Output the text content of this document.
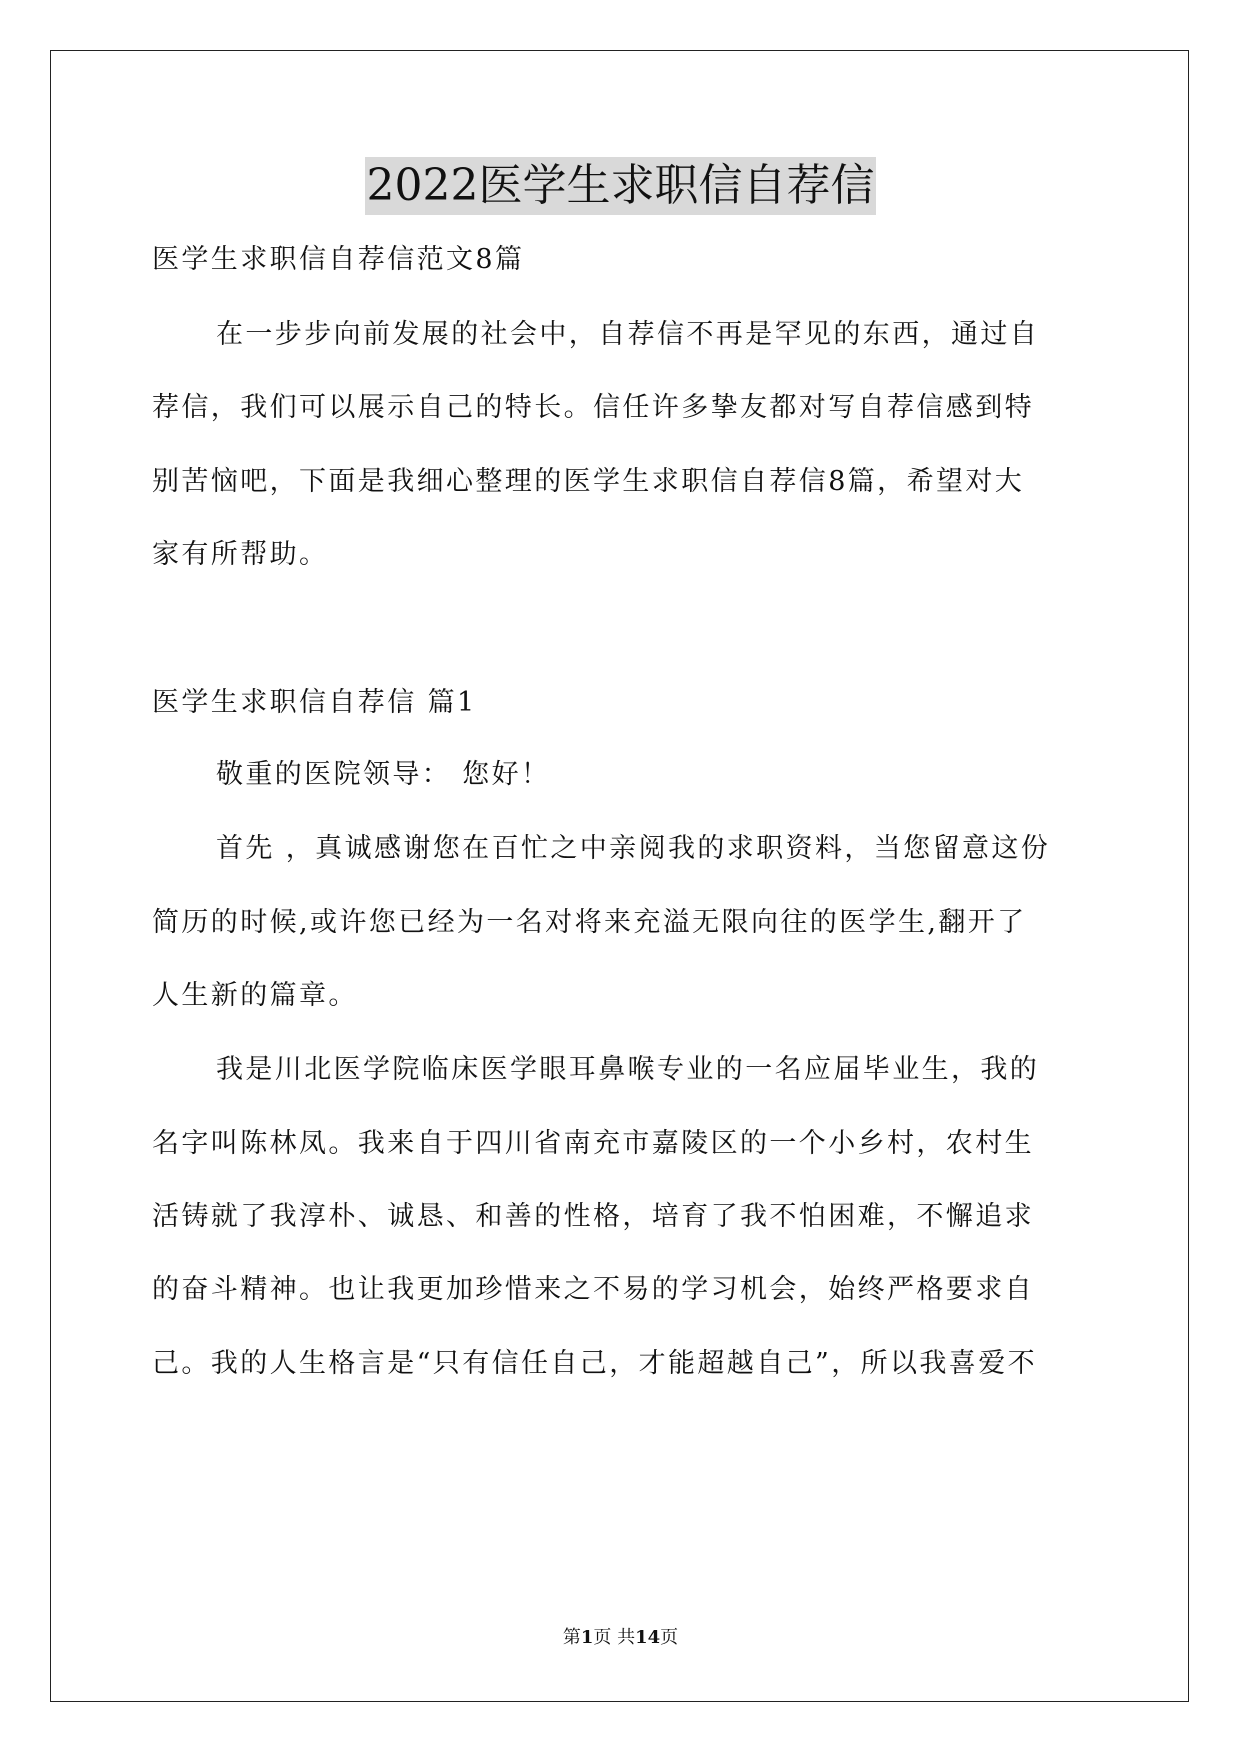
2022医学生求职信自荐信
医学生求职信自荐信范文8篇
在一步步向前发展的社会中，自荐信不再是罕见的东西，通过自
荐信，我们可以展示自己的特长。信任许多挚友都对写自荐信感到特
别苦恼吧，下面是我细心整理的医学生求职信自荐信8篇，希望对大
家有所帮助。
医学生求职信自荐信 篇1
敬重的医院领导： 您好！
首先 ，真诚感谢您在百忙之中亲阅我的求职资料，当您留意这份
简历的时候,或许您已经为一名对将来充溢无限向往的医学生,翻开了
人生新的篇章。
我是川北医学院临床医学眼耳鼻喉专业的一名应届毕业生，我的
名字叫陈林凤。我来自于四川省南充市嘉陵区的一个小乡村，农村生
活铸就了我淳朴、诚恳、和善的性格，培育了我不怕困难，不懈追求
的奋斗精神。也让我更加珍惜来之不易的学习机会，始终严格要求自
己。我的人生格言是“只有信任自己，才能超越自己”，所以我喜爱不
第1页 共14页
